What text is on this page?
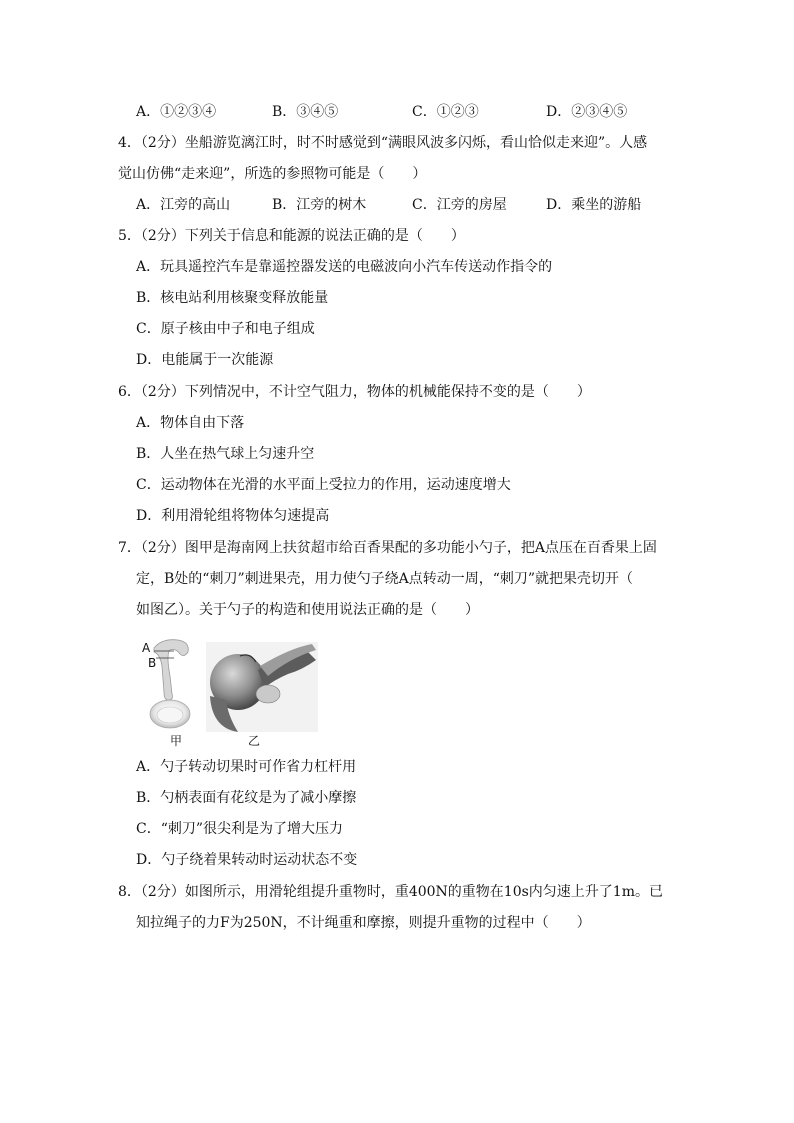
A．①②③④	B．③④⑤	C．①②③	D．②③④⑤
4．（2分）坐船游览漓江时，时不时感觉到“满眼风波多闪烁，看山恰似走来迎”。人感
觉山仿佛“走来迎”，所选的参照物可能是（　　）
A．江旁的高山	B．江旁的树木	C．江旁的房屋	D．乘坐的游船
5．（2分）下列关于信息和能源的说法正确的是（　　）
A．玩具遥控汽车是靠遥控器发送的电磁波向小汽车传送动作指令的
B．核电站利用核聚变释放能量
C．原子核由中子和电子组成
D．电能属于一次能源
6．（2分）下列情况中，不计空气阻力，物体的机械能保持不变的是（　　）
A．物体自由下落
B．人坐在热气球上匀速升空
C．运动物体在光滑的水平面上受拉力的作用，运动速度增大
D．利用滑轮组将物体匀速提高
7．（2分）图甲是海南网上扶贫超市给百香果配的多功能小勺子，把A点压在百香果上固
定，B处的“刺刀”刺进果壳，用力使勺子绕A点转动一周，“刺刀”就把果壳切开（
如图乙）。关于勺子的构造和使用说法正确的是（　　）
A
B
甲	乙
A．勺子转动切果时可作省力杠杆用
B．勺柄表面有花纹是为了减小摩擦
C．“刺刀”很尖利是为了增大压力
D．勺子绕着果转动时运动状态不变
8．（2分）如图所示，用滑轮组提升重物时，重400N的重物在10s内匀速上升了1m。已
知拉绳子的力F为250N，不计绳重和摩擦，则提升重物的过程中（　　）
